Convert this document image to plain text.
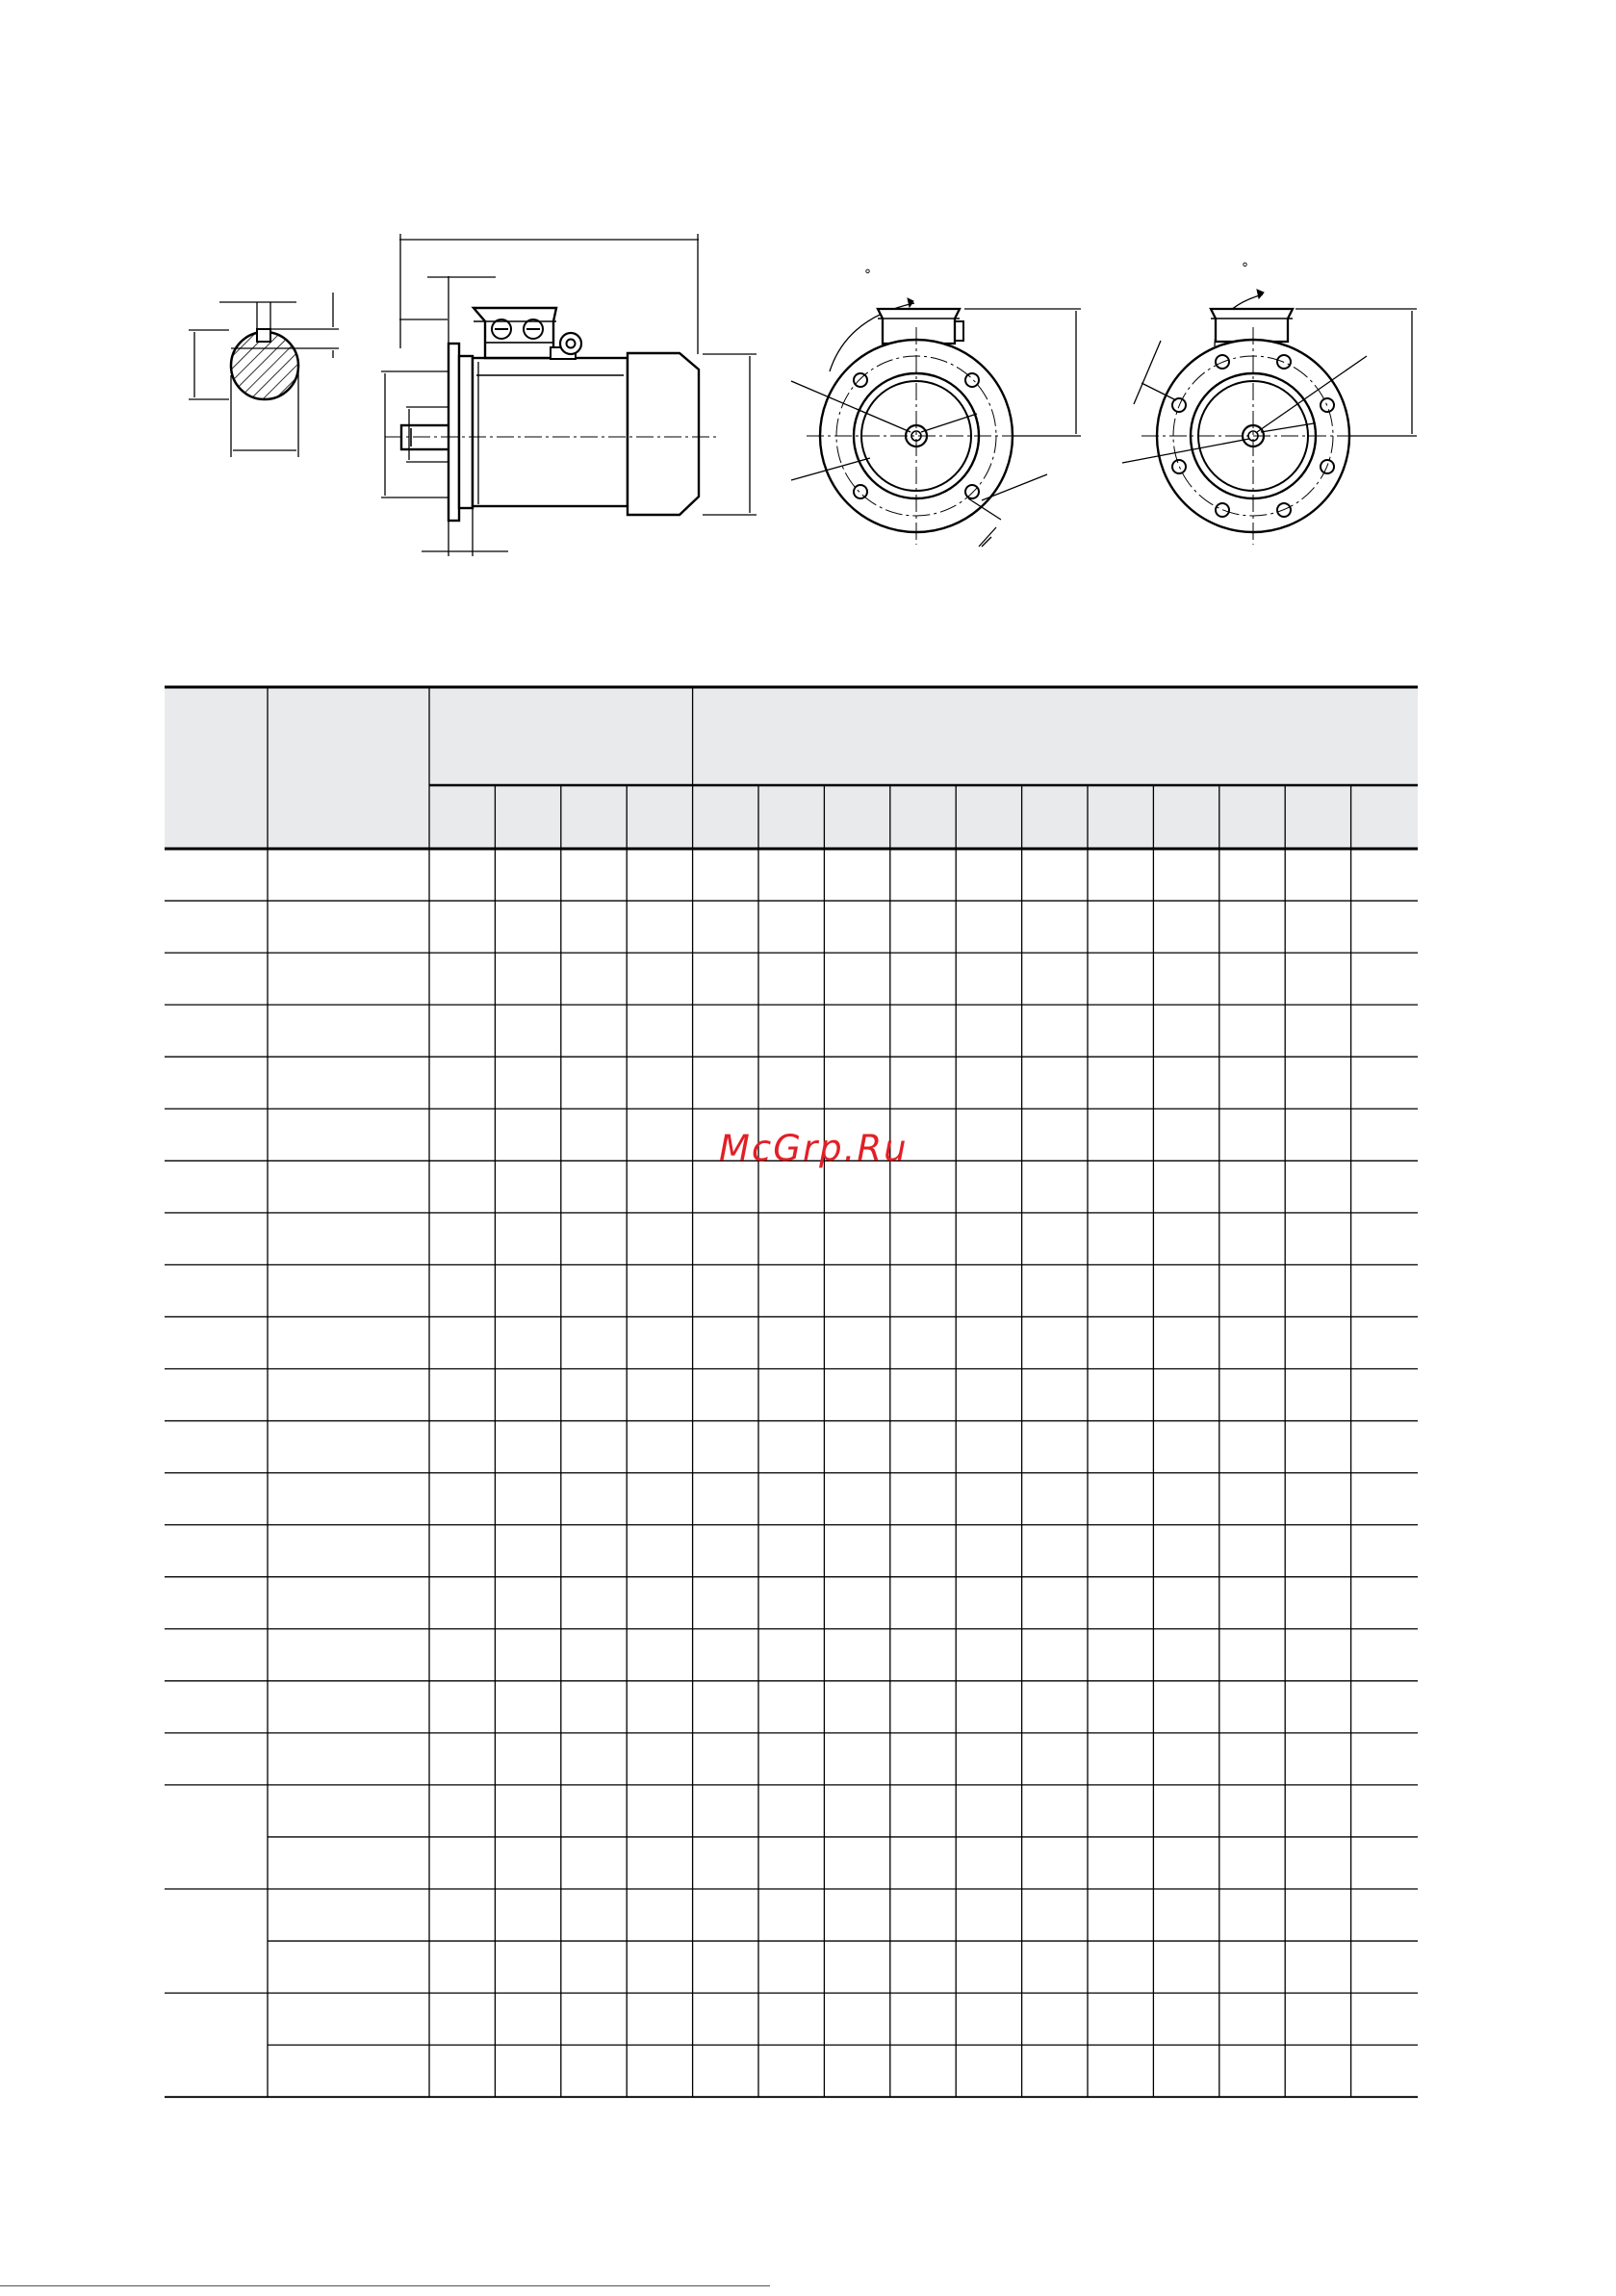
°	°
McGrp.Ru
